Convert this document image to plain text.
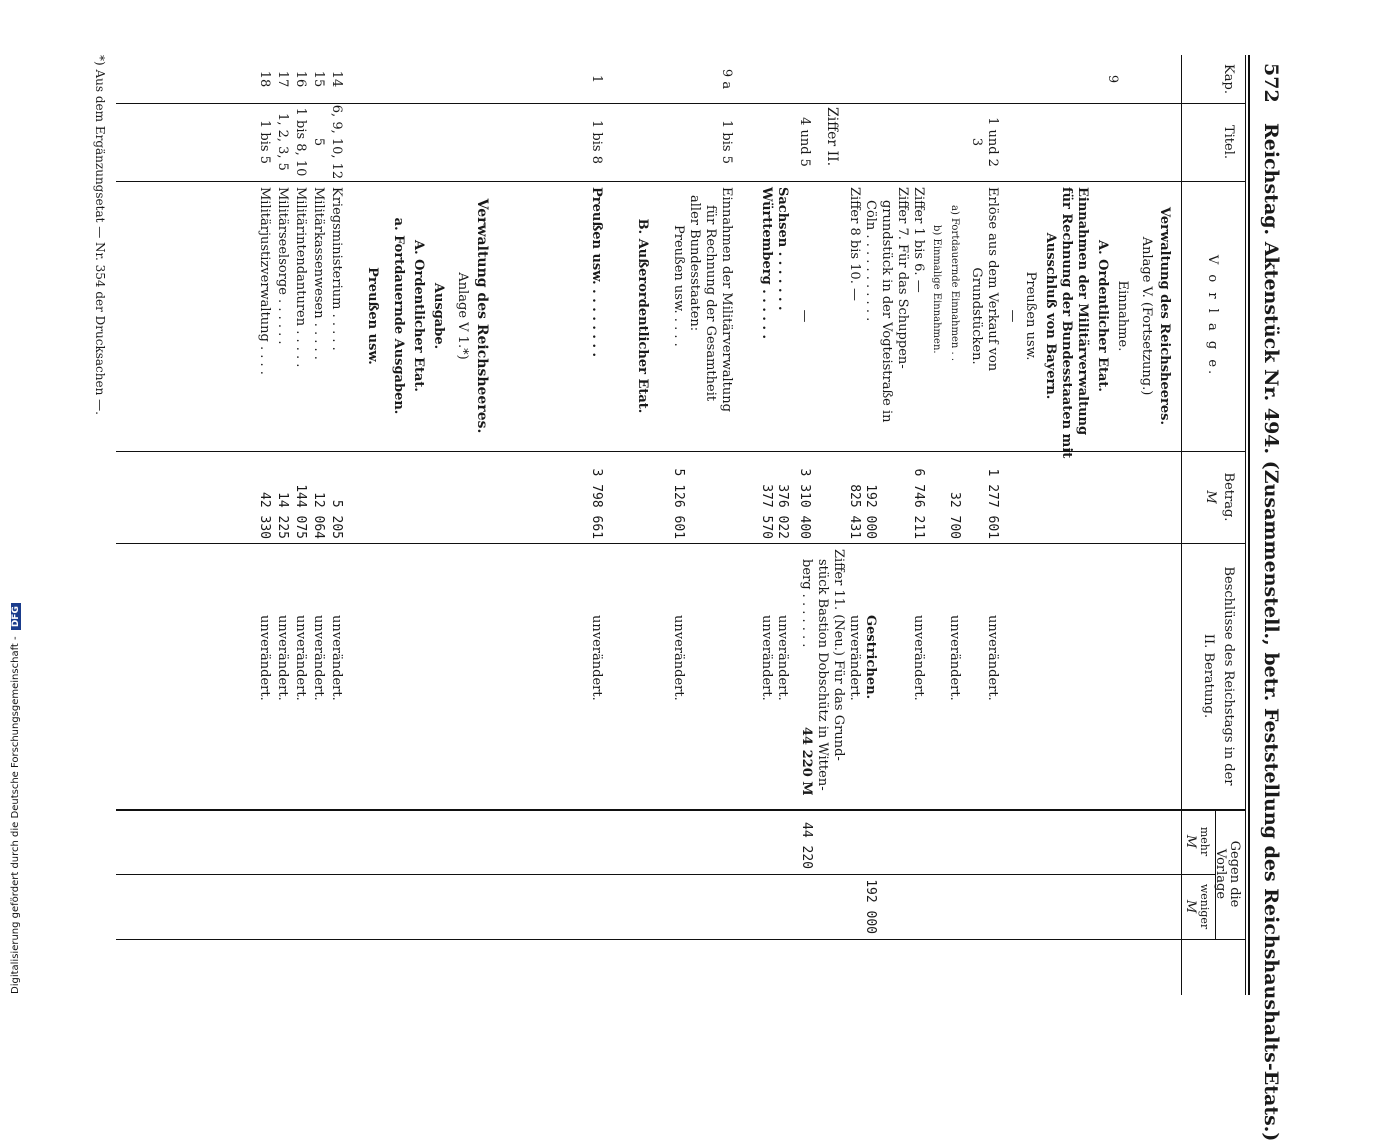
572
Reichstag. Aktenstück Nr. 494. (Zusammenstell., betr. Feststellung des Reichshaushalts-Etats.)
Kap.
Titel.
V o r l a g e.
Betrag.
M
Beschlüsse des Reichstags in der
II. Beratung.
Gegen die
Vorlage
mehr
weniger
M
M
9
Verwaltung des Reichsheeres.
Anlage V. (Fortsetzung.)
Einnahme.
A. Ordentlicher Etat.
Einnahmen der Militärverwaltung
für Rechnung der Bundesstaaten mit
Ausschluß von Bayern.
Preußen usw.
—
1 und 2
3
Erlöse aus dem Verkauf von
Grundstücken.
a) Fortdauernde Einnahmen . .
b) Einmalige Einnahmen.
Ziffer 1 bis 6. —
Ziffer 7. Für das Schuppen-
grundstück in der Vogteistraße in
Cöln . . . . . . . . . . .
Ziffer 8 bis 10. —
Ziffer II.
1 277 601
32 700
6 746 211
192 000
825 431
unverändert.
unverändert.
unverändert.
Gestrichen.
unverändert.
192 000
4 und 5
—
Sachsen . . . . . . .
Württemberg . . . . . .
3 310 400
376 022
377 570
Ziffer 11. (Neu.) Für das Grund-
stück Bastion Dobschütz in Witten-
berg . . . . . . .
44 220 M
unverändert.
unverändert.
44 220
9 a
1 bis 5
Einnahmen der Militärverwaltung
für Rechnung der Gesamtheit
aller Bundesstaaten:
Preußen usw. . . . .
5 126 601
unverändert.
B. Außerordentlicher Etat.
1
1 bis 8
Preußen usw. . . . . . . . .
3 798 661
unverändert.
Verwaltung des Reichsheeres.
Anlage V 1.*)
Ausgabe.
A. Ordentlicher Etat.
a. Fortdauernde Ausgaben.
Preußen usw.
14
6, 9, 10, 12
Kriegsministerium . . . . .
5 205
unverändert.
15
5
Militärkassenwesen . . . . .
12 064
unverändert.
16
1 bis 8, 10
Militärintendanturen . . . . .
144 075
unverändert.
17
1, 2, 3, 5
Militärseelsorge . . . . . .
14 225
unverändert.
18
1 bis 5
Militärjustizverwaltung . . . .
42 330
unverändert.
*) Aus dem Ergänzungsetat — Nr. 354 der Drucksachen —.
Digitalisierung gefördert durch die Deutsche Forschungsgemeinschaft - DFG
